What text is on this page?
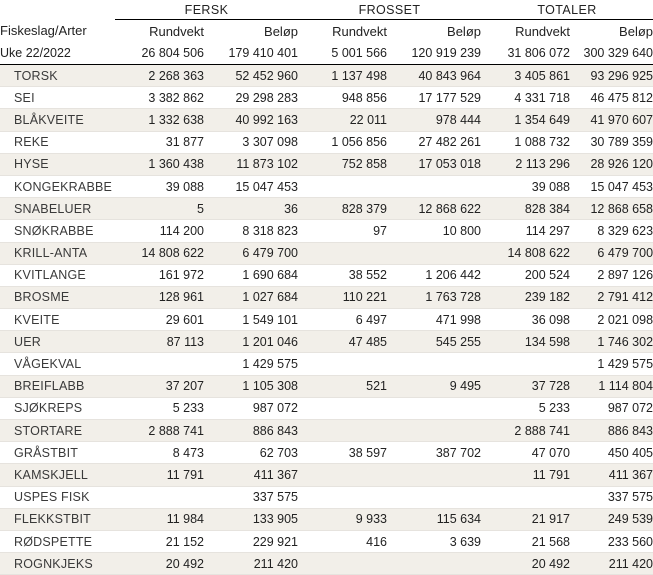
	FERSK		FROSSET		TOTALER	
Fiskeslag/Arter	Rundvekt	Beløp	Rundvekt	Beløp	Rundvekt	Beløp
Uke 22/2022	26 804 506	179 410 401	5 001 566	120 919 239	31 806 072	300 329 640
TORSK	2 268 363	52 452 960	1 137 498	40 843 964	3 405 861	93 296 925
SEI	3 382 862	29 298 283	948 856	17 177 529	4 331 718	46 475 812
BLÅKVEITE	1 332 638	40 992 163	22 011	978 444	1 354 649	41 970 607
REKE	31 877	3 307 098	1 056 856	27 482 261	1 088 732	30 789 359
HYSE	1 360 438	11 873 102	752 858	17 053 018	2 113 296	28 926 120
KONGEKRABBE	39 088	15 047 453			39 088	15 047 453
SNABELUER	5	36	828 379	12 868 622	828 384	12 868 658
SNØKRABBE	114 200	8 318 823	97	10 800	114 297	8 329 623
KRILL-ANTA	14 808 622	6 479 700			14 808 622	6 479 700
KVITLANGE	161 972	1 690 684	38 552	1 206 442	200 524	2 897 126
BROSME	128 961	1 027 684	110 221	1 763 728	239 182	2 791 412
KVEITE	29 601	1 549 101	6 497	471 998	36 098	2 021 098
UER	87 113	1 201 046	47 485	545 255	134 598	1 746 302
VÅGEKVAL		1 429 575				1 429 575
BREIFLABB	37 207	1 105 308	521	9 495	37 728	1 114 804
SJØKREPS	5 233	987 072			5 233	987 072
STORTARE	2 888 741	886 843			2 888 741	886 843
GRÅSTBIT	8 473	62 703	38 597	387 702	47 070	450 405
KAMSKJELL	11 791	411 367			11 791	411 367
USPES FISK		337 575				337 575
FLEKKSTBIT	11 984	133 905	9 933	115 634	21 917	249 539
RØDSPETTE	21 152	229 921	416	3 639	21 568	233 560
ROGNKJEKS	20 492	211 420			20 492	211 420
